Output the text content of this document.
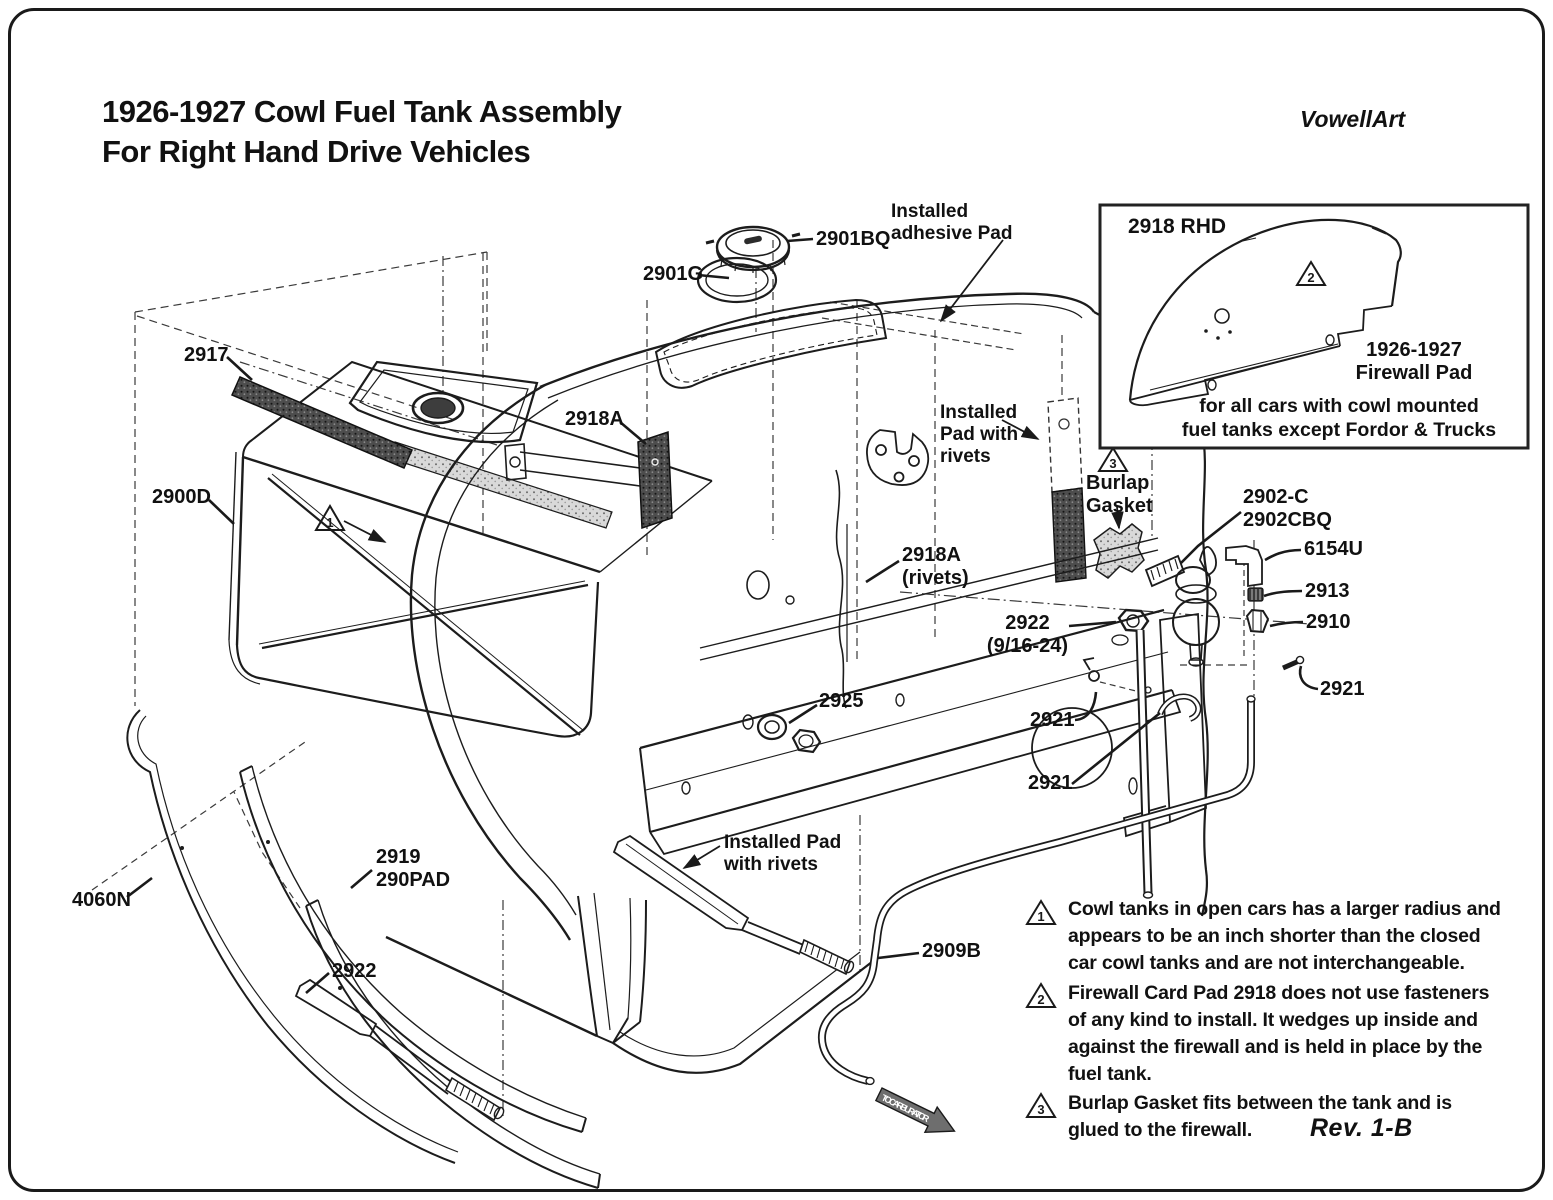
1
3
TO CARBURATOR
2
1
2
3
1926-1927 Cowl Fuel Tank Assembly
For Right Hand Drive Vehicles
VowellArt
2918 RHD
1926-1927
Firewall Pad
for all cars with cowl mounted
fuel tanks except Fordor & Trucks
2901BQ
2901G
Installed
adhesive Pad
2917
2918A
2900D
Installed
Pad with
rivets
Burlap
Gasket	2902-C
2902CBQ
6154U
2913
2910
2921
2922
(9/16-24)
2925
2918A
(rivets)
2921
2921
2919
290PAD
4060N
2922
Installed Pad
with rivets
2909B
Cowl tanks in open cars has a larger radius and
appears to be an inch shorter than the closed
car cowl tanks and are not interchangeable.
Firewall Card Pad 2918 does not use fasteners
of any kind to install. It wedges up inside and
against the firewall and is held in place by the
fuel tank.
Burlap Gasket fits between the tank and is
glued to the firewall.	Rev. 1-B
